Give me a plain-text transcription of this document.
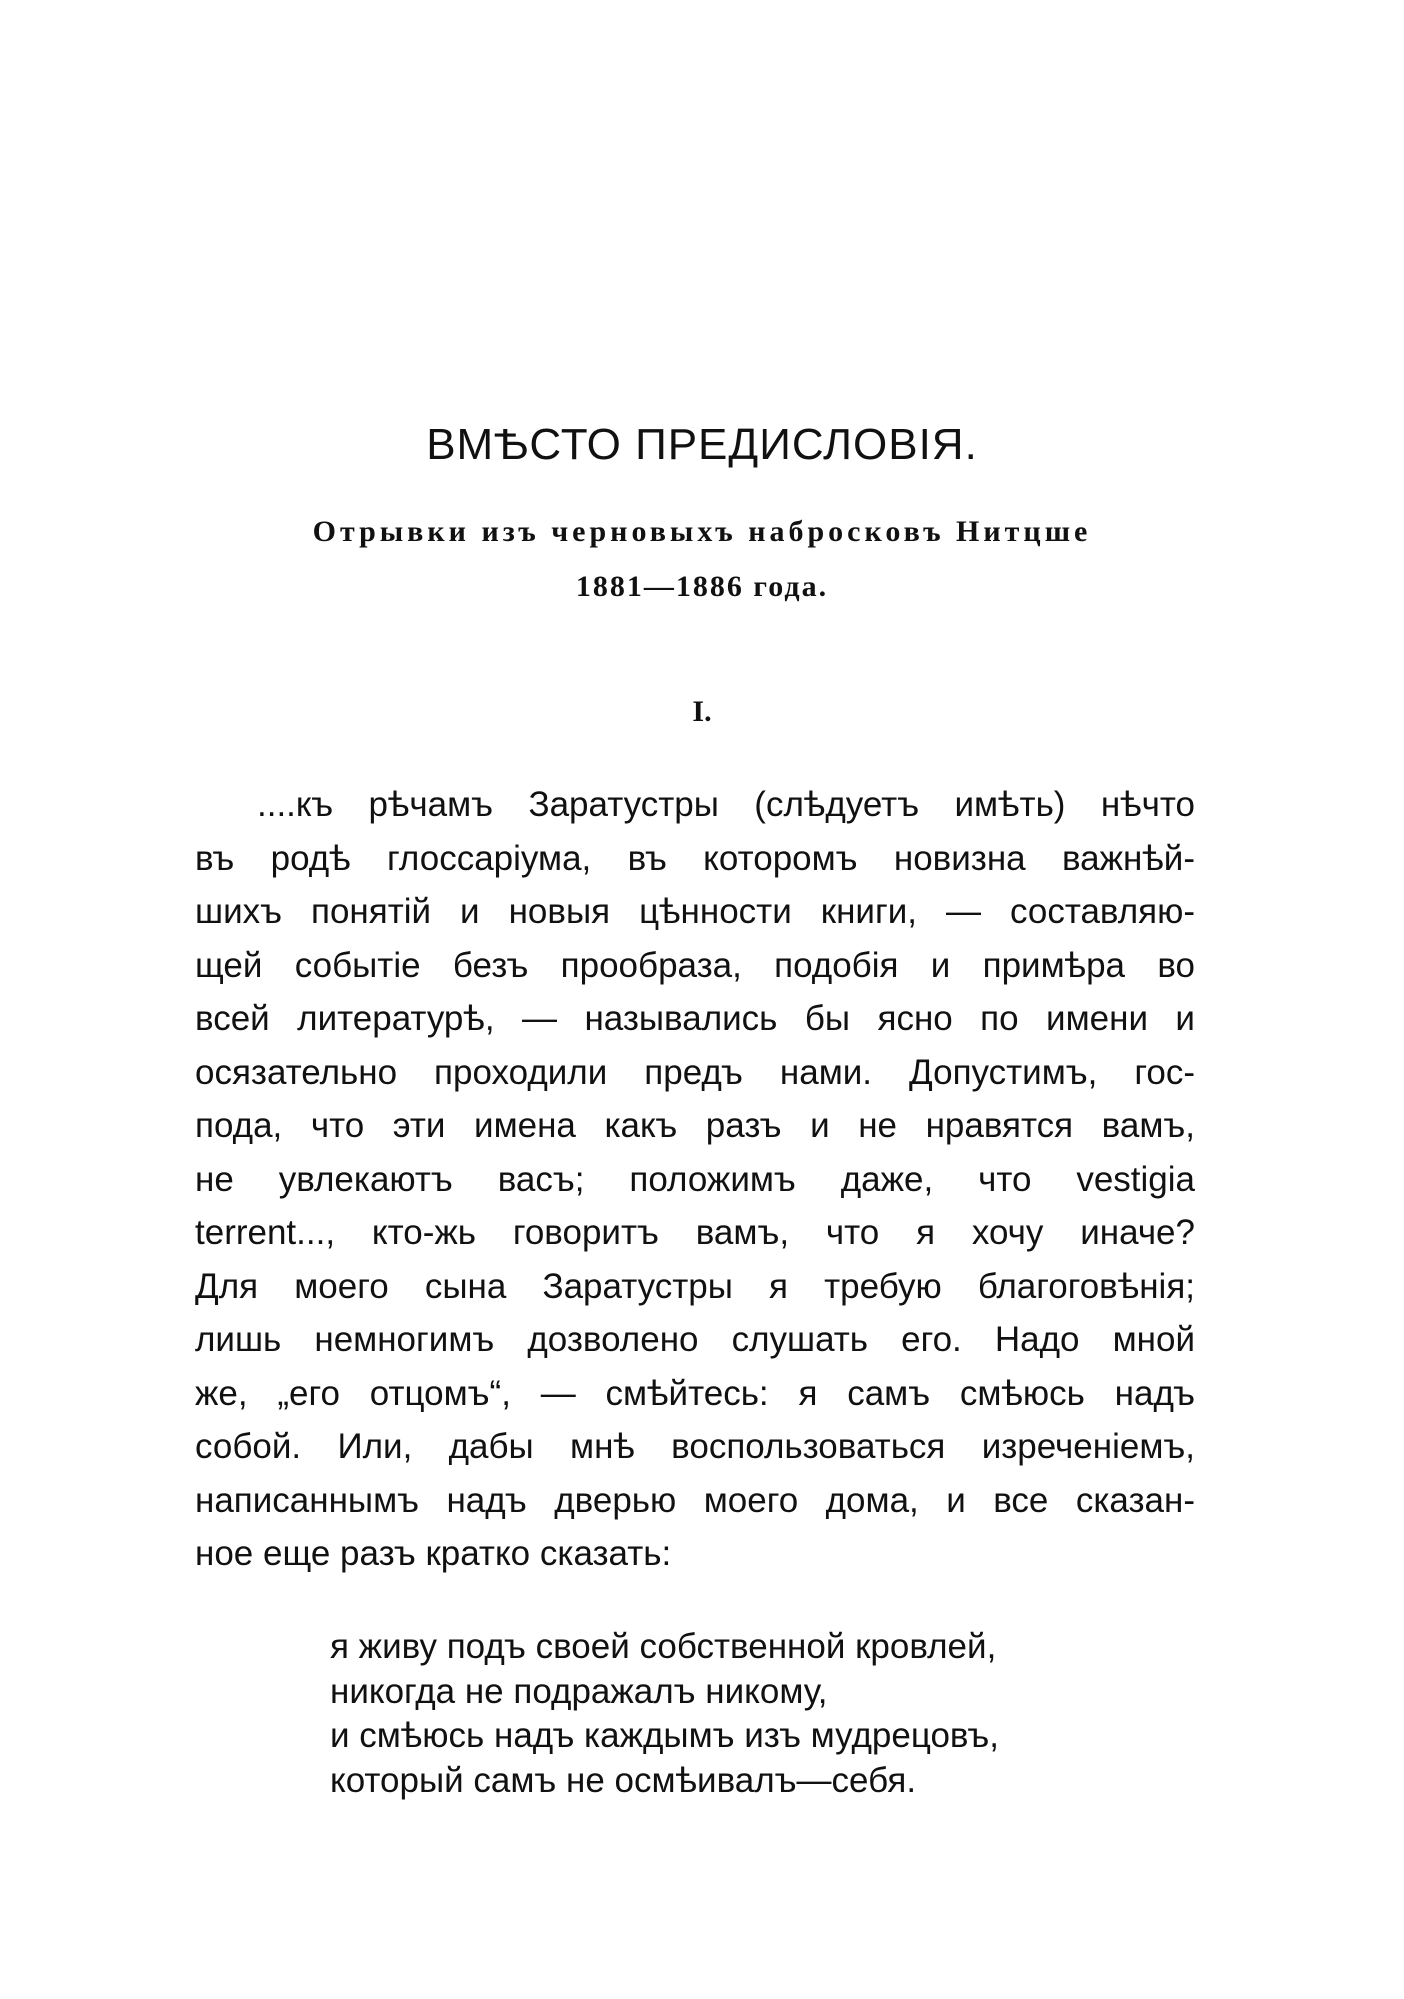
ВМѢСТО ПРЕДИСЛОВІЯ.

Отрывки изъ черновыхъ набросковъ Нитцше

1881—1886 года.

I.

....къ рѣчамъ Заратустры (слѣдуетъ имѣть) нѣчто
въ родѣ глоссаріума, въ которомъ новизна важнѣй-
шихъ понятій и новыя цѣнности книги, — составляю-
щей событіе безъ прообраза, подобія и примѣра во
всей литературѣ, — назывались бы ясно по имени и
осязательно проходили предъ нами. Допустимъ, гос-
пода, что эти имена какъ разъ и не нравятся вамъ,
не увлекаютъ васъ; положимъ даже, что vestigia
terrent..., кто-жь говоритъ вамъ, что я хочу иначе?
Для моего сына Заратустры я требую благоговѣнія;
лишь немногимъ дозволено слушать его. Надо мной
же, „его отцомъ“, — смѣйтесь: я самъ смѣюсь надъ
собой. Или, дабы мнѣ воспользоваться изреченіемъ,
написаннымъ надъ дверью моего дома, и все сказан-
ное еще разъ кратко сказать:
я живу подъ своей собственной кровлей,
никогда не подражалъ никому,
и смѣюсь надъ каждымъ изъ мудрецовъ,
который самъ не осмѣивалъ—себя.
